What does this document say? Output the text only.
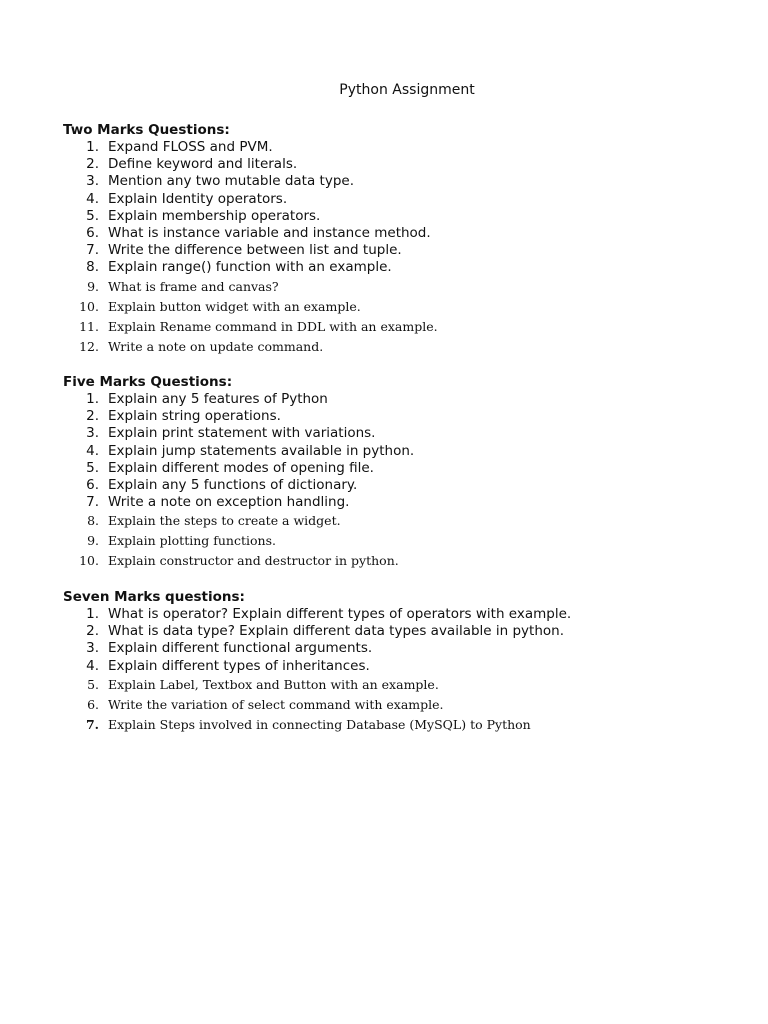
Python Assignment
Two Marks Questions:
1. Expand FLOSS and PVM.
2. Define keyword and literals.
3. Mention any two mutable data type.
4. Explain Identity operators.
5. Explain membership operators.
6. What is instance variable and instance method.
7. Write the difference between list and tuple.
8. Explain range() function with an example.
9. What is frame and canvas?
10. Explain button widget with an example.
11. Explain Rename command in DDL with an example.
12. Write a note on update command.
Five Marks Questions:
1. Explain any 5 features of Python
2. Explain string operations.
3. Explain print statement with variations.
4. Explain jump statements available in python.
5. Explain different modes of opening file.
6. Explain any 5 functions of dictionary.
7. Write a note on exception handling.
8. Explain the steps to create a widget.
9. Explain plotting functions.
10. Explain constructor and destructor in python.
Seven Marks questions:
1. What is operator? Explain different types of operators with example.
2. What is data type? Explain different data types available in python.
3. Explain different functional arguments.
4. Explain different types of inheritances.
5. Explain Label, Textbox and Button with an example.
6. Write the variation of select command with example.
7. Explain Steps involved in connecting Database (MySQL) to Python
